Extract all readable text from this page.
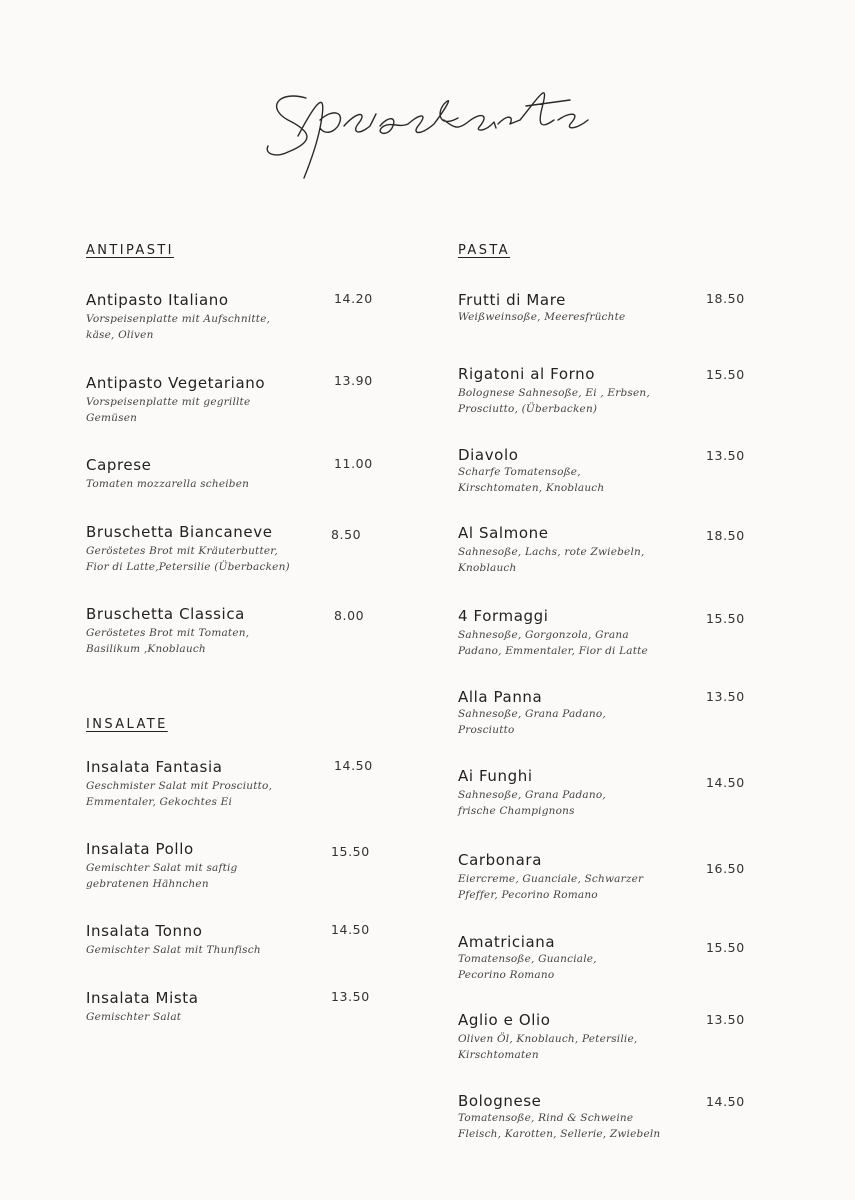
ANTIPASTI
Antipasto Italiano
Vorspeisenplatte mit Aufschnitte,
käse, Oliven
14.20
Antipasto Vegetariano
Vorspeisenplatte mit gegrillte
Gemüsen
13.90
Caprese
Tomaten mozzarella scheiben
11.00
Bruschetta Biancaneve
Geröstetes Brot mit Kräuterbutter,
Fior di Latte,Petersilie (Überbacken)
8.50
Bruschetta Classica
Geröstetes Brot mit Tomaten,
Basilikum ,Knoblauch
8.00
INSALATE
Insalata Fantasia
Geschmister Salat mit Prosciutto,
Emmentaler, Gekochtes Ei
14.50
Insalata Pollo
Gemischter Salat mit saftig
gebratenen Hähnchen
15.50
Insalata Tonno
Gemischter Salat mit Thunfisch
14.50
Insalata Mista
Gemischter Salat
13.50
PASTA
Frutti di Mare
Weißweinsoße, Meeresfrüchte
18.50
Rigatoni al Forno
Bolognese Sahnesoße, Ei , Erbsen,
Prosciutto, (Überbacken)
15.50
Diavolo
Scharfe Tomatensoße,
Kirschtomaten, Knoblauch
13.50
Al Salmone
Sahnesoße, Lachs, rote Zwiebeln,
Knoblauch
18.50
4 Formaggi
Sahnesoße, Gorgonzola, Grana
Padano, Emmentaler, Fior di Latte
15.50
Alla Panna
Sahnesoße, Grana Padano,
Prosciutto
13.50
Ai Funghi
Sahnesoße, Grana Padano,
frische Champignons
14.50
Carbonara
Eiercreme, Guanciale, Schwarzer
Pfeffer, Pecorino Romano
16.50
Amatriciana
Tomatensoße, Guanciale,
Pecorino Romano
15.50
Aglio e Olio
Oliven Öl, Knoblauch, Petersilie,
Kirschtomaten
13.50
Bolognese
Tomatensoße, Rind & Schweine
Fleisch, Karotten, Sellerie, Zwiebeln
14.50
